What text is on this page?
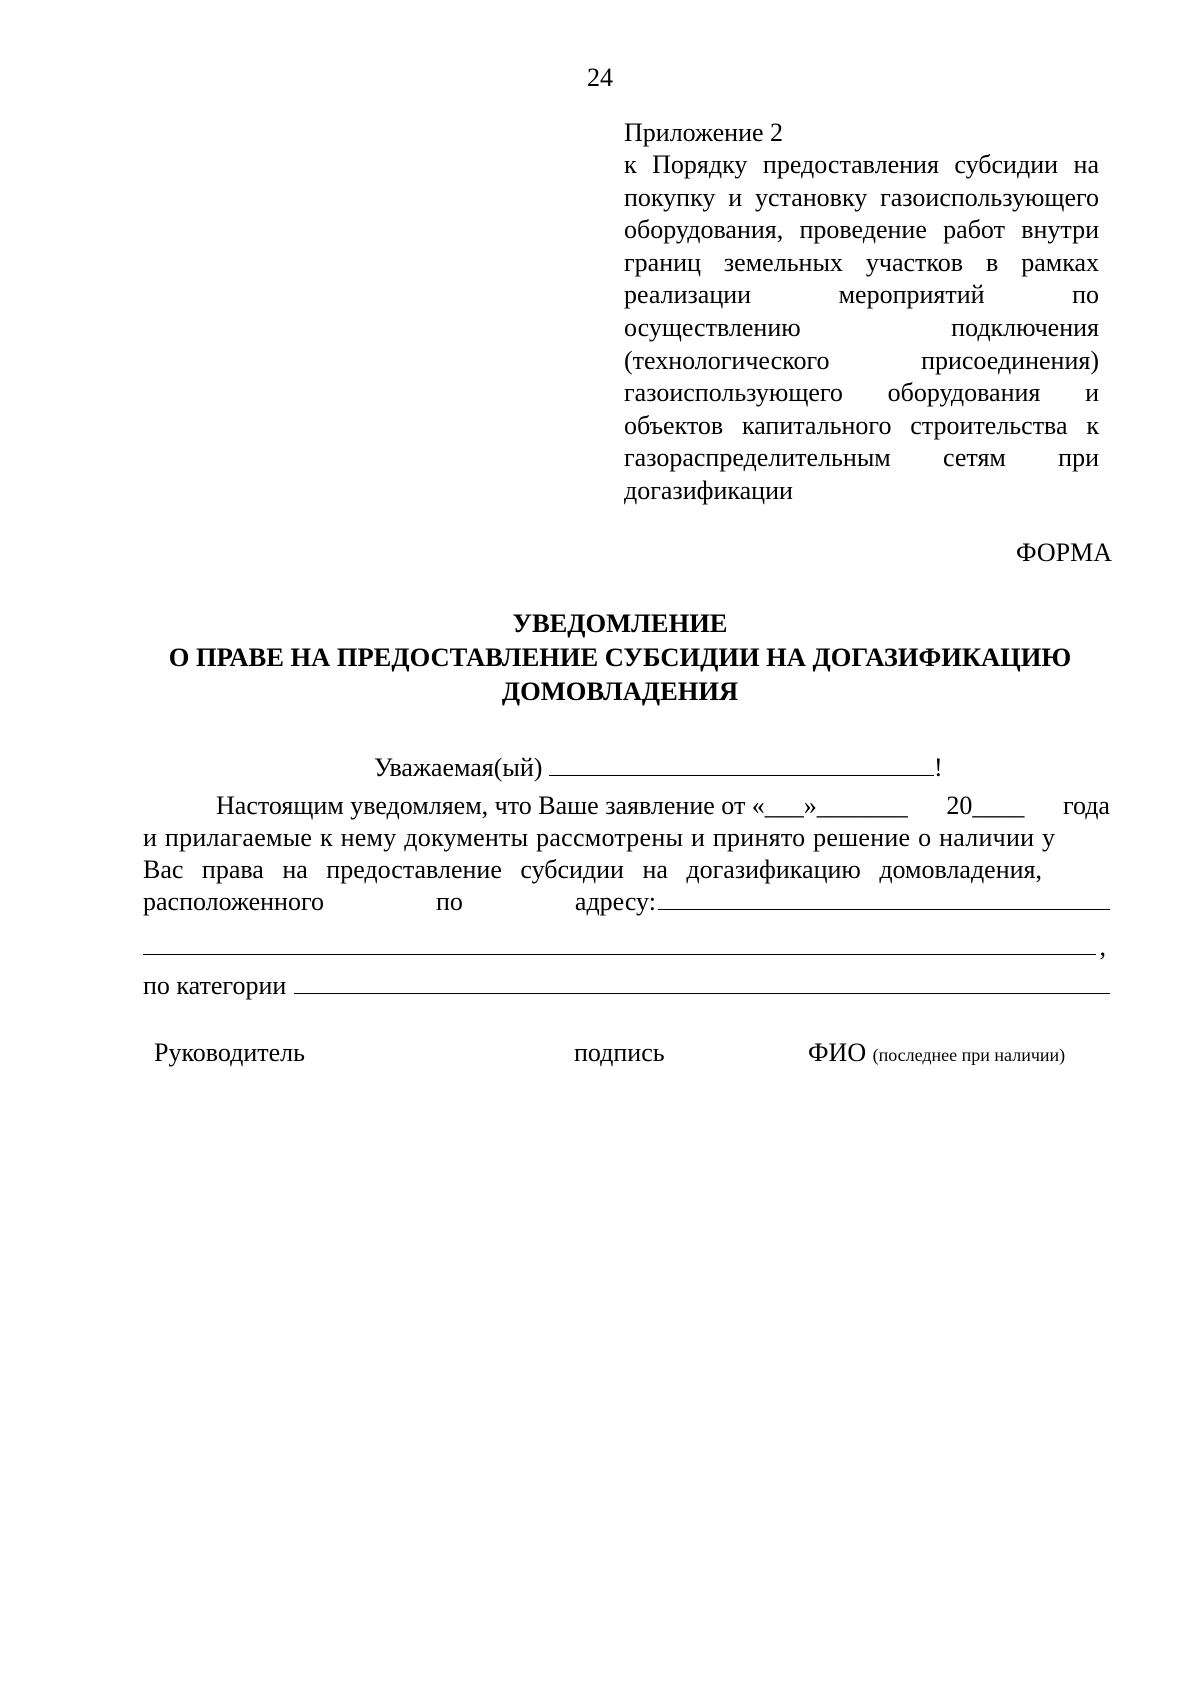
24
Приложение 2
к Порядку предоставления субсидии на покупку и установку газоиспользующего оборудования, проведение работ внутри границ земельных участков в рамках реализации мероприятий по осуществлению подключения (технологического присоединения) газоиспользующего оборудования и объектов капитального строительства к газораспределительным сетям при догазификации
ФОРМА
УВЕДОМЛЕНИЕ
О ПРАВЕ НА ПРЕДОСТАВЛЕНИЕ СУБСИДИИ НА ДОГАЗИФИКАЦИЮ
ДОМОВЛАДЕНИЯ
Уважаемая(ый)	!
Настоящим уведомляем, что Ваше заявление от «___»_______ 20____ года
и прилагаемые к нему документы рассмотрены и принято решение о наличии у
Вас права на предоставление субсидии на догазификацию домовладения,
расположенного	по	адресу:
,
по категории
Руководитель	подпись	ФИО (последнее при наличии)
